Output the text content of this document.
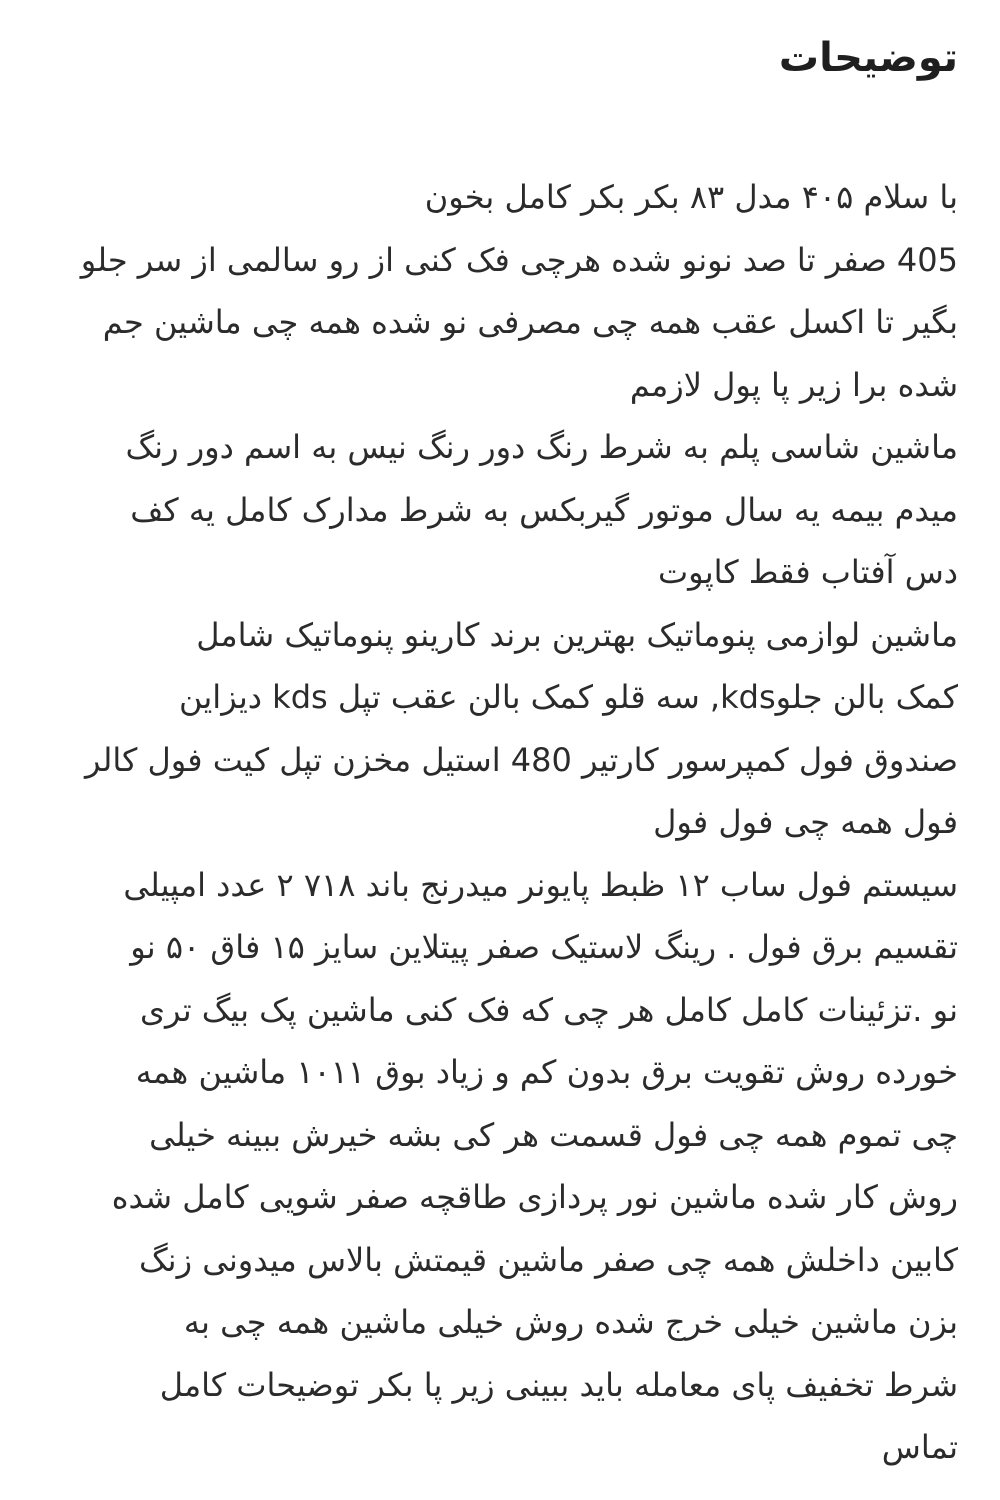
توضیحات
با سلام ۴۰۵ مدل ۸۳ بکر بکر کامل بخون
405 صفر تا صد نونو شده هرچی فک کنی از رو سالمی از سر جلو
بگیر تا اکسل عقب همه چی مصرفی نو شده همه چی ماشین جم
شده برا زیر پا پول لازمم
ماشین شاسی پلم به شرط رنگ دور رنگ نیس به اسم دور رنگ
میدم بیمه یه سال موتور گیربکس به شرط مدارک کامل یه کف
دس آفتاب فقط کاپوت
ماشین لوازمی پنوماتیک بهترین برند کارینو پنوماتیک شامل
کمک بالن جلوkds, سه قلو کمک بالن عقب تپل kds دیزاین
صندوق فول کمپرسور کارتیر 480 استیل مخزن تپل کیت فول کالر
فول همه چی فول فول
سیستم فول ساب ۱۲ ظبط پایونر میدرنج باند ۷۱۸ ۲ عدد امپیلی
تقسیم برق فول . رینگ لاستیک صفر پیتلاین سایز ۱۵ فاق ۵۰ نو
نو .تزئینات کامل کامل هر چی که فک کنی ماشین پک بیگ تری
خورده روش تقویت برق بدون کم و زیاد بوق ۱۰۱۱ ماشین همه
چی تموم همه چی فول قسمت هر کی بشه خیرش ببینه خیلی
روش کار شده ماشین نور پردازی طاقچه صفر شویی کامل شده
کابین داخلش همه چی صفر ماشین قیمتش بالاس میدونی زنگ
بزن ماشین خیلی خرج شده روش خیلی ماشین همه چی به
شرط تخفیف پای معامله باید ببینی زیر پا بکر توضیحات کامل
تماس
